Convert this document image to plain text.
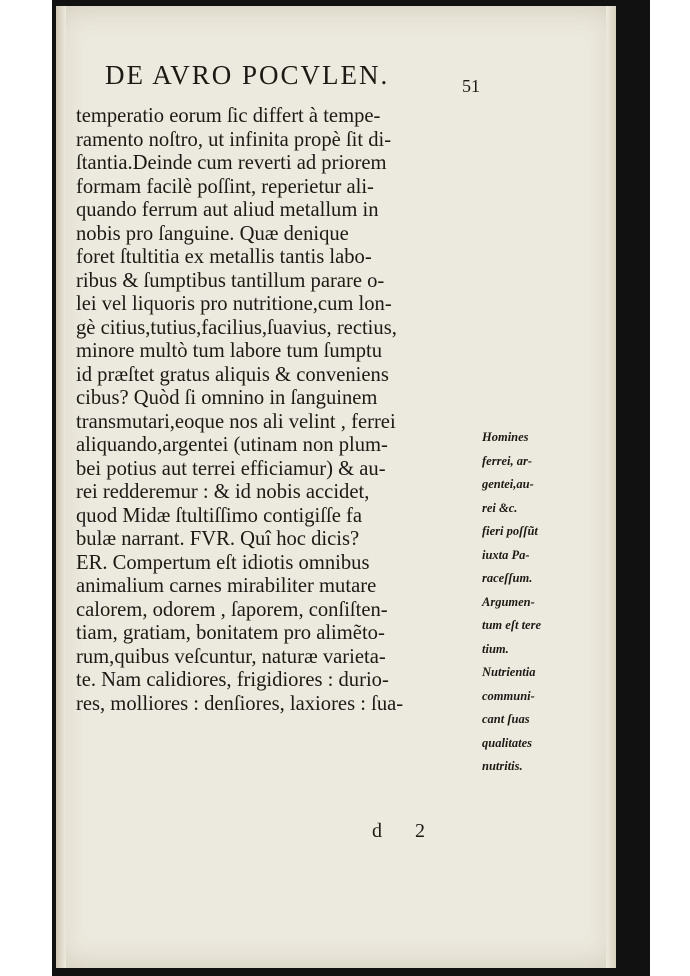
DE AVRO POCVLEN.	51
temperatio eorum ſic differt à tempe-
ramento noſtro, ut infinita propè ſit di-
ſtantia.Deinde cum reverti ad priorem
formam facilè poſſint, reperietur ali-
quando ferrum aut aliud metallum in
nobis pro ſanguine. Quæ denique
foret ſtultitia ex metallis tantis labo-
ribus & ſumptibus tantillum parare o-
lei vel liquoris pro nutritione,cum lon-
gè citius,tutius,facilius,ſuavius, rectius,
minore multò tum labore tum ſumptu
id præſtet gratus aliquis & conveniens
cibus? Quòd ſi omnino in ſanguinem
transmutari,eoque nos ali velint , ferrei
aliquando,argentei (utinam non plum-
bei potius aut terrei efficiamur) & au-
rei redderemur : & id nobis accidet,
quod Midæ ſtultiſſimo contigiſſe fa
bulæ narrant. FVR. Quî hoc dicis?
ER. Compertum eſt idiotis omnibus
animalium carnes mirabiliter mutare
calorem, odorem , ſaporem, conſiſten-
tiam, gratiam, bonitatem pro alimẽto-
rum,quibus veſcuntur, naturæ varieta-
te. Nam calidiores, frigidiores : durio-
res, molliores : denſiores, laxiores : ſua-
Homines
ferrei, ar-
gentei,au-
rei &c.
fieri poſſũt
iuxta Pa-
raceſſum.
Argumen-
tum eſt tere
tium.
Nutrientia
communi-
cant ſuas
qualitates
nutritis.
d 2
